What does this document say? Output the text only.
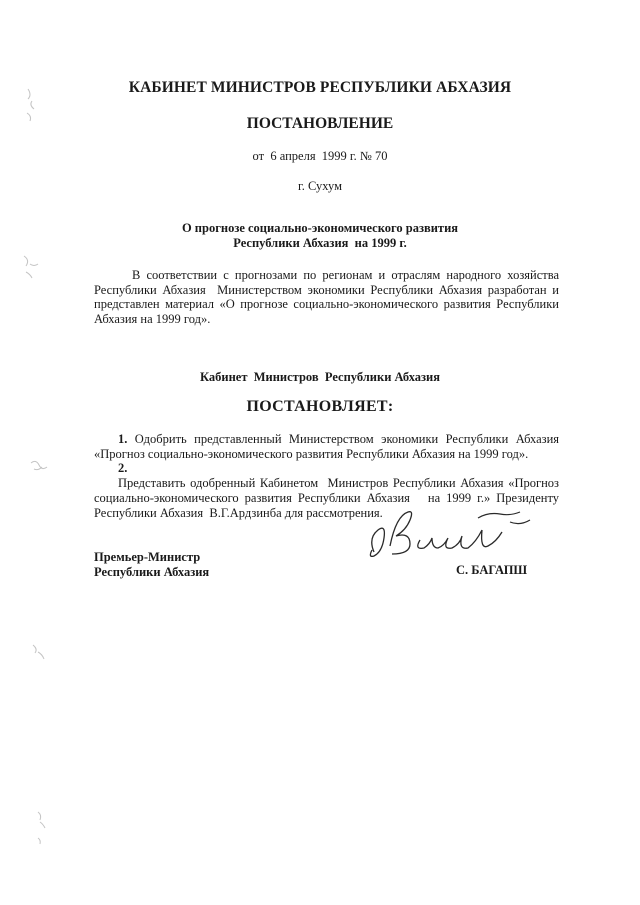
КАБИНЕТ МИНИСТРОВ РЕСПУБЛИКИ АБХАЗИЯ
ПОСТАНОВЛЕНИЕ
от  6 апреля  1999 г. № 70
г. Сухум
О прогнозе социально-экономического развития
Республики Абхазия  на 1999 г.
В соответствии с прогнозами по регионам и отраслям народного хозяйства
Республики Абхазия  Министерством экономики Республики Абхазия разработан и
представлен материал «О прогнозе социально-экономического развития Республики
Абхазия на 1999 год».
Кабинет  Министров  Республики Абхазия
ПОСТАНОВЛЯЕТ:
1. Одобрить представленный Министерством экономики Республики Абхазия
«Прогноз социально-экономического развития Республики Абхазия на 1999 год».
2. Представить одобренный Кабинетом  Министров Республики Абхазия «Прогноз
социально-экономического развития Республики Абхазия   на 1999 г.» Президенту
Республики Абхазия  В.Г.Ардзинба для рассмотрения.
Премьер-Министр
Республики Абхазия	С. БАГАПШ
